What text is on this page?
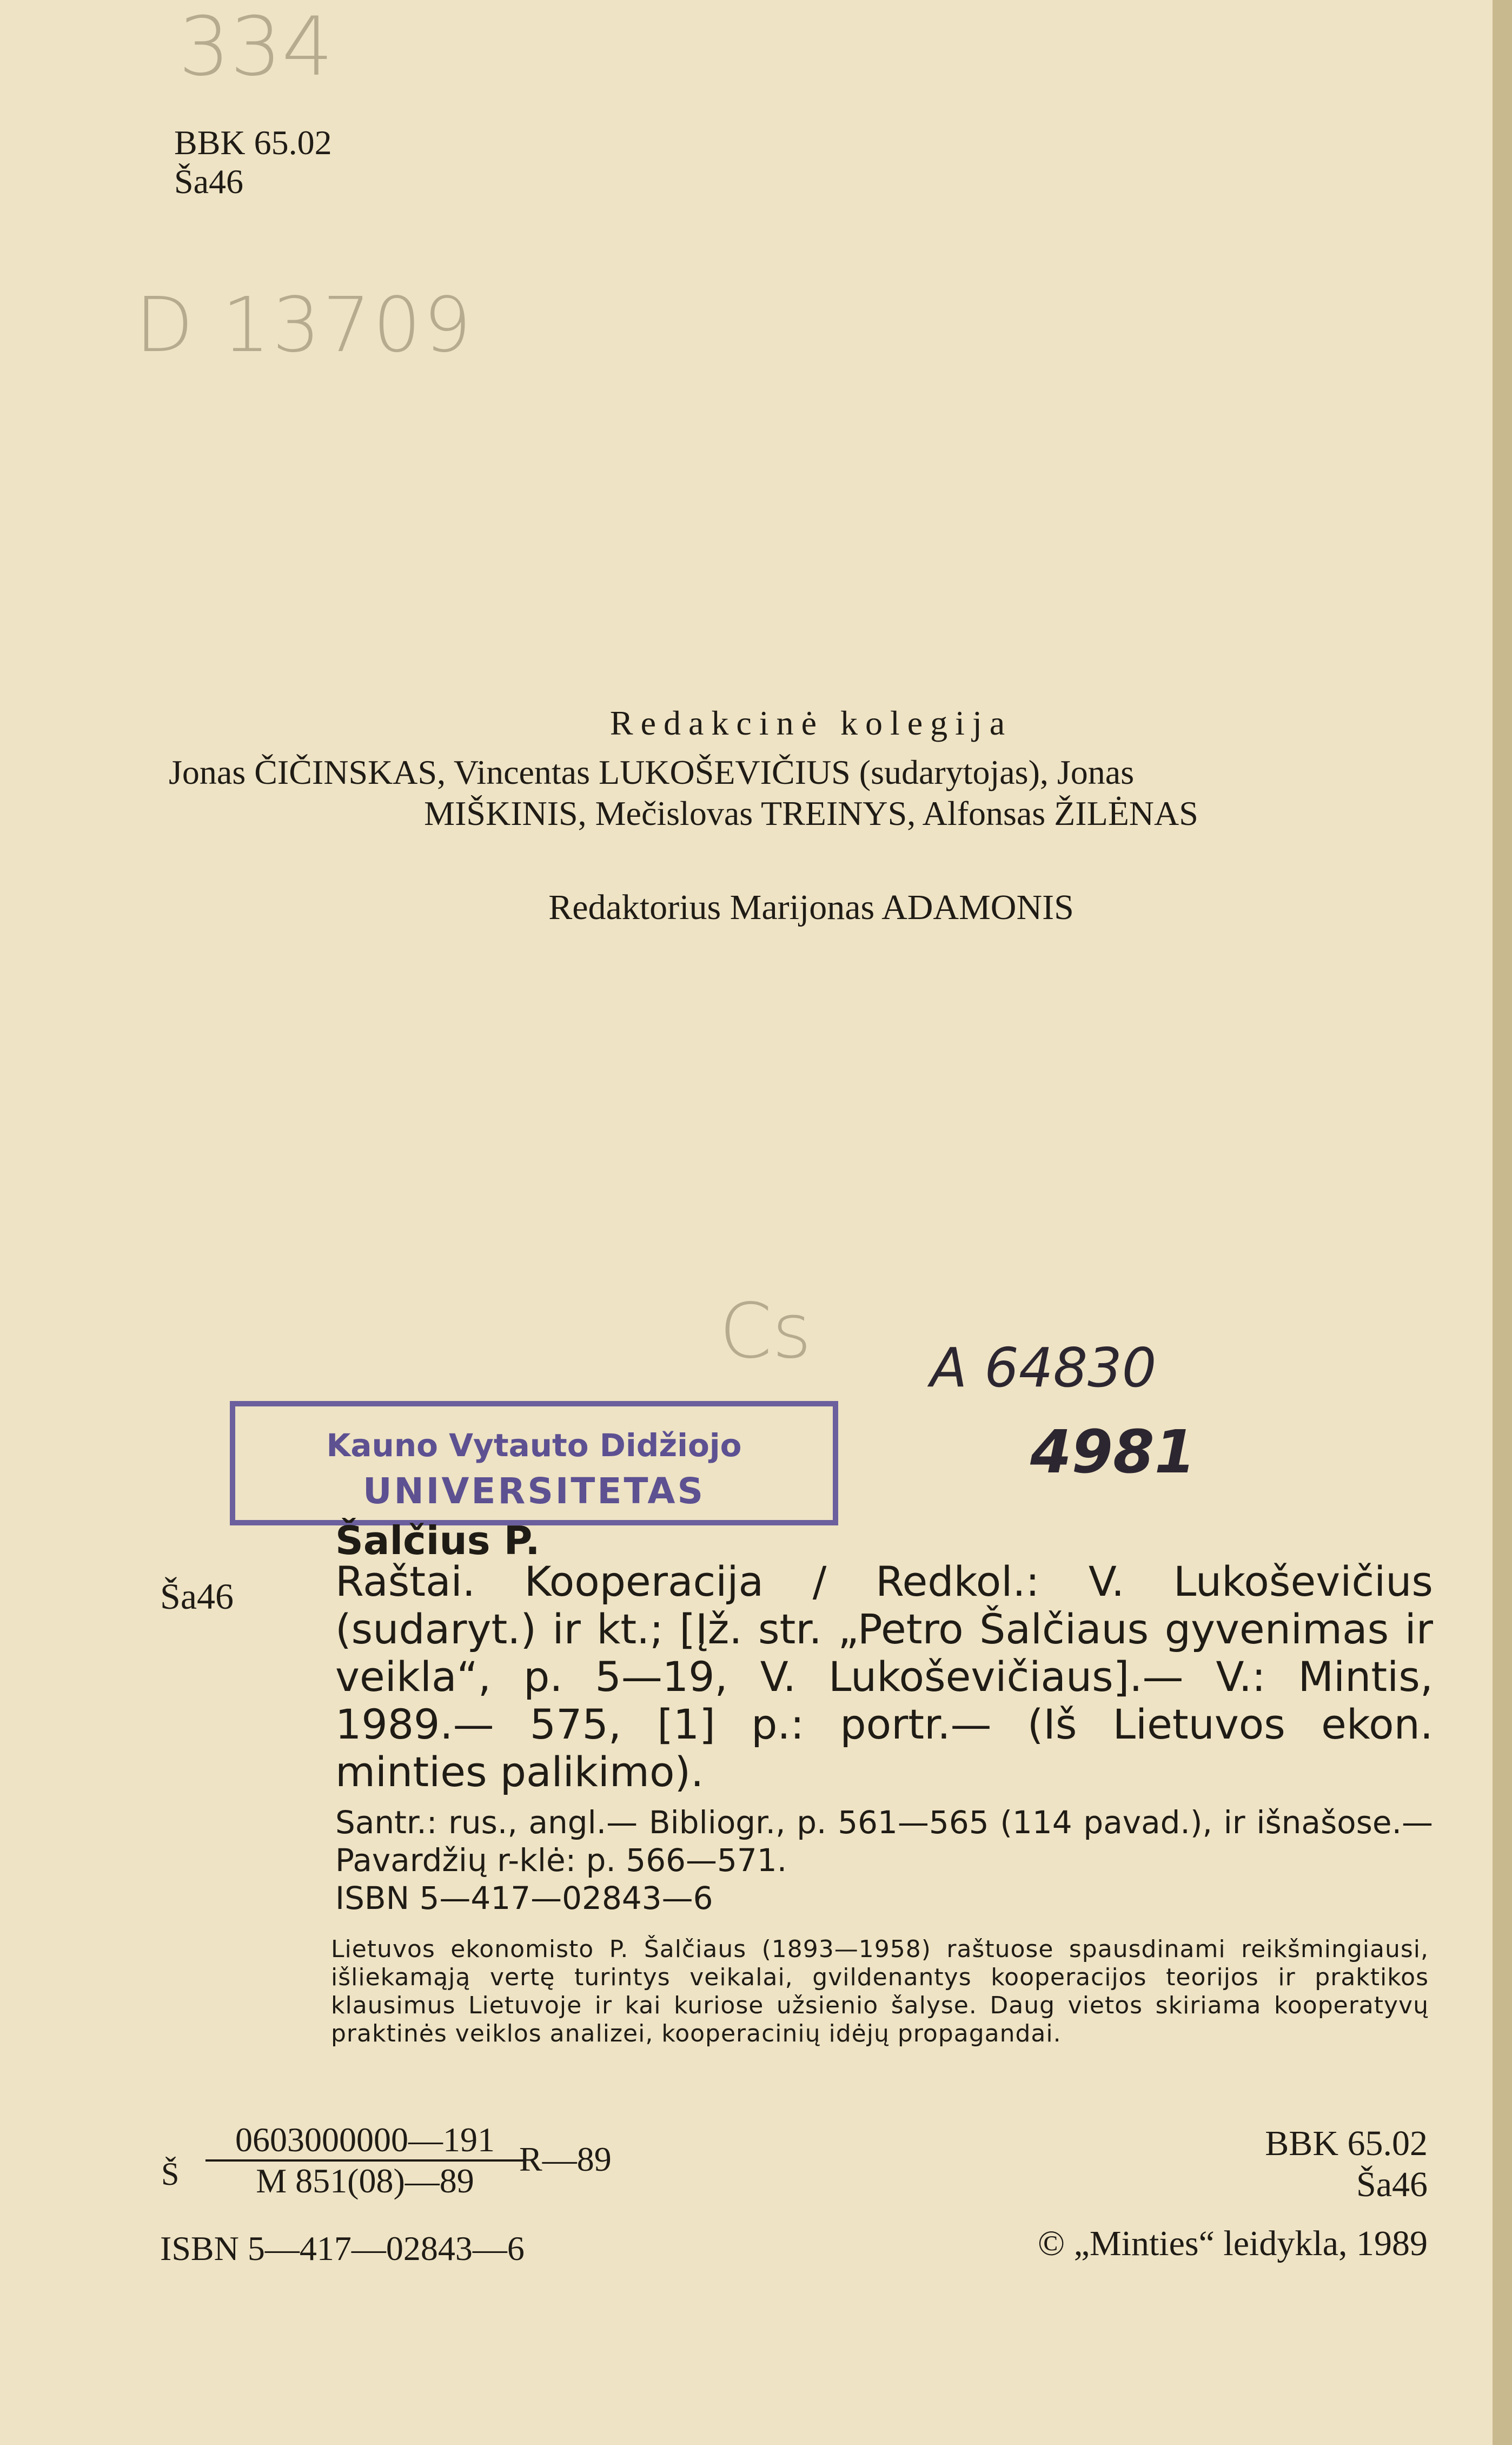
334
D 13709
BBK 65.02
Ša46
Redakcinė kolegija
Jonas ČIČINSKAS, Vincentas LUKOŠEVIČIUS (sudarytojas), Jonas
MIŠKINIS, Mečislovas TREINYS, Alfonsas ŽILĖNAS
Redaktorius Marijonas ADAMONIS
Cs A 64830
4981
Kauno Vytauto Didžiojo
UNIVERSITETAS
Šalčius P.
Ša46 Raštai. Kooperacija / Redkol.: V. Lukoševičius (sudaryt.) ir kt.; [Įž. str. „Petro Šalčiaus gyvenimas ir veikla“, p. 5—19, V. Lukoševičiaus].— V.: Mintis, 1989.— 575, [1] p.: portr.— (Iš Lietuvos ekon. minties palikimo).

Santr.: rus., angl.— Bibliogr., p. 561—565 (114 pavad.), ir išnašose.— Pavardžių r-klė: p. 566—571.

ISBN 5—417—02843—6

Lietuvos ekonomisto P. Šalčiaus (1893—1958) raštuose spausdinami reikšmingiausi, išliekamąją vertę turintys veikalai, gvildenantys kooperacijos teorijos ir praktikos klausimus Lietuvoje ir kai kuriose užsienio šalyse. Daug vietos skiriama kooperatyvų praktinės veiklos analizei, kooperacinių idėjų propagandai.
Š
0603000000—191
M 851(08)—89
R—89
ISBN 5—417—02843—6
BBK 65.02
Ša46
© „Minties“ leidykla, 1989
